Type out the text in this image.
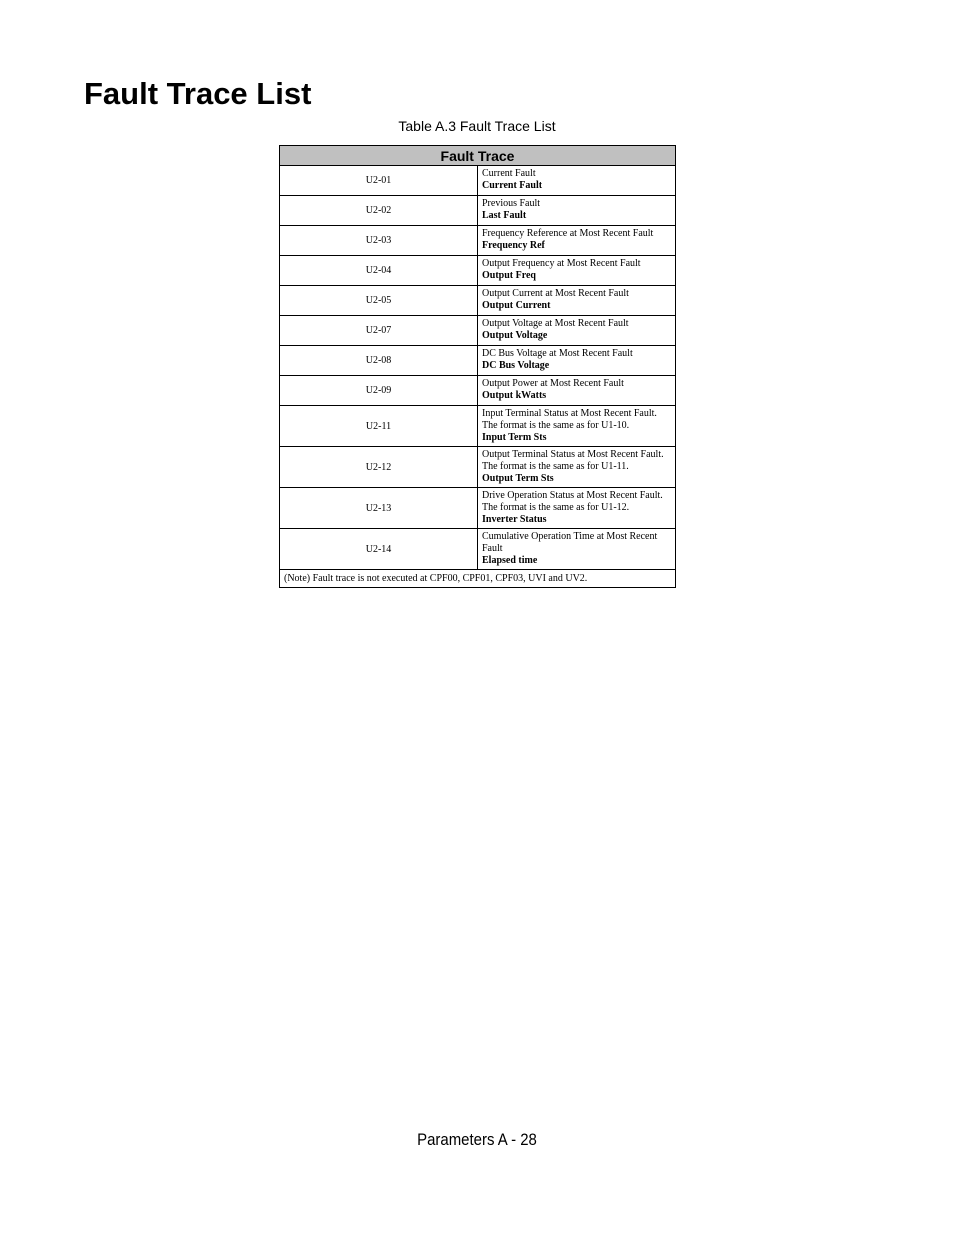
Fault Trace List
Table A.3 Fault Trace List
Fault Trace	
U2-01	Current Fault
Current Fault

U2-02	Previous Fault
Last Fault

U2-03	Frequency Reference at Most Recent Fault
Frequency Ref

U2-04	Output Frequency at Most Recent Fault
Output Freq

U2-05	Output Current at Most Recent Fault
Output Current

U2-07	Output Voltage at Most Recent Fault
Output Voltage

U2-08	DC Bus Voltage at Most Recent Fault
DC Bus Voltage

U2-09	Output Power at Most Recent Fault
Output kWatts

U2-11	Input Terminal Status at Most Recent Fault. The format is the same as for U1-10.
Input Term Sts

U2-12	Output Terminal Status at Most Recent Fault. The format is the same as for U1-11.
Output Term Sts

U2-13	Drive Operation Status at Most Recent Fault. The format is the same as for U1-12.
Inverter Status

U2-14	Cumulative Operation Time at Most Recent Fault
Elapsed time

(Note) Fault trace is not executed at CPF00, CPF01, CPF03, UVI and UV2.	
Parameters A - 28
